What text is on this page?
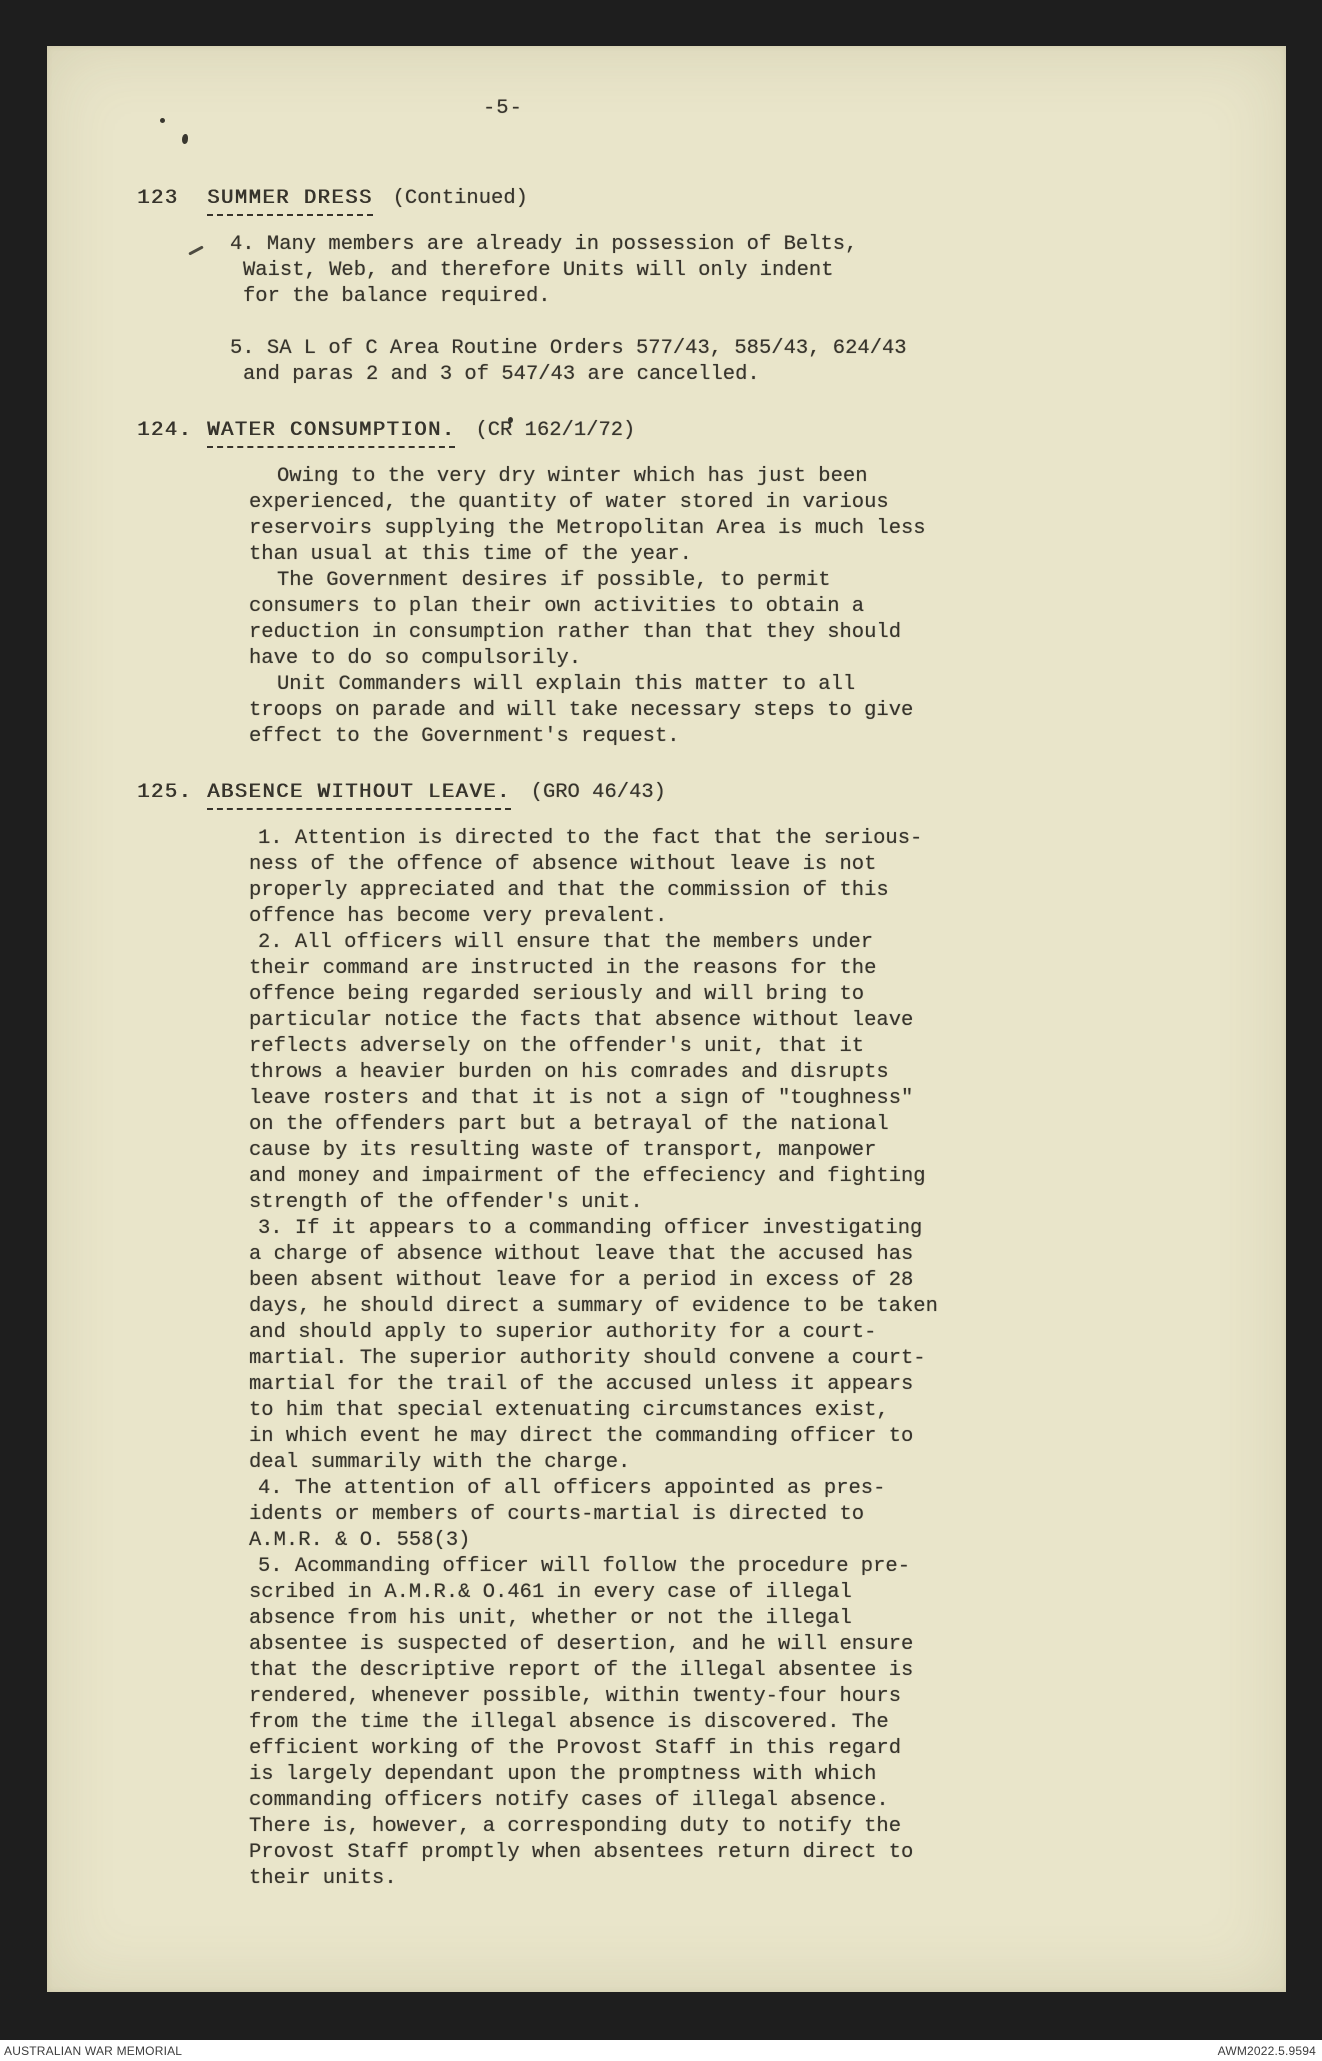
-5-
123	SUMMER DRESS (Continued)
4. Many members are already in possession of Belts,
Waist, Web, and therefore Units will only indent
for the balance required.
5. SA L of C Area Routine Orders 577/43, 585/43, 624/43
and paras 2 and 3 of 547/43 are cancelled.
124. WATER CONSUMPTION. (CR 162/1/72)
Owing to the very dry winter which has just been
experienced, the quantity of water stored in various
reservoirs supplying the Metropolitan Area is much less
than usual at this time of the year.
The Government desires if possible, to permit
consumers to plan their own activities to obtain a
reduction in consumption rather than that they should
have to do so compulsorily.
Unit Commanders will explain this matter to all
troops on parade and will take necessary steps to give
effect to the Government's request.
125. ABSENCE WITHOUT LEAVE. (GRO 46/43)
1. Attention is directed to the fact that the serious-
ness of the offence of absence without leave is not
properly appreciated and that the commission of this
offence has become very prevalent.
2. All officers will ensure that the members under
their command are instructed in the reasons for the
offence being regarded seriously and will bring to
particular notice the facts that absence without leave
reflects adversely on the offender's unit, that it
throws a heavier burden on his comrades and disrupts
leave rosters and that it is not a sign of "toughness"
on the offenders part but a betrayal of the national
cause by its resulting waste of transport, manpower
and money and impairment of the effeciency and fighting
strength of the offender's unit.
3. If it appears to a commanding officer investigating
a charge of absence without leave that the accused has
been absent without leave for a period in excess of 28
days, he should direct a summary of evidence to be taken
and should apply to superior authority for a court-
martial. The superior authority should convene a court-
martial for the trail of the accused unless it appears
to him that special extenuating circumstances exist,
in which event he may direct the commanding officer to
deal summarily with the charge.
4. The attention of all officers appointed as pres-
idents or members of courts-martial is directed to
A.M.R. & O. 558(3)
5. Acommanding officer will follow the procedure pre-
scribed in A.M.R.& O.461 in every case of illegal
absence from his unit, whether or not the illegal
absentee is suspected of desertion, and he will ensure
that the descriptive report of the illegal absentee is
rendered, whenever possible, within twenty-four hours
from the time the illegal absence is discovered. The
efficient working of the Provost Staff in this regard
is largely dependant upon the promptness with which
commanding officers notify cases of illegal absence.
There is, however, a corresponding duty to notify the
Provost Staff promptly when absentees return direct to
their units.
AUSTRALIAN WAR MEMORIAL	AWM2022.5.9594
